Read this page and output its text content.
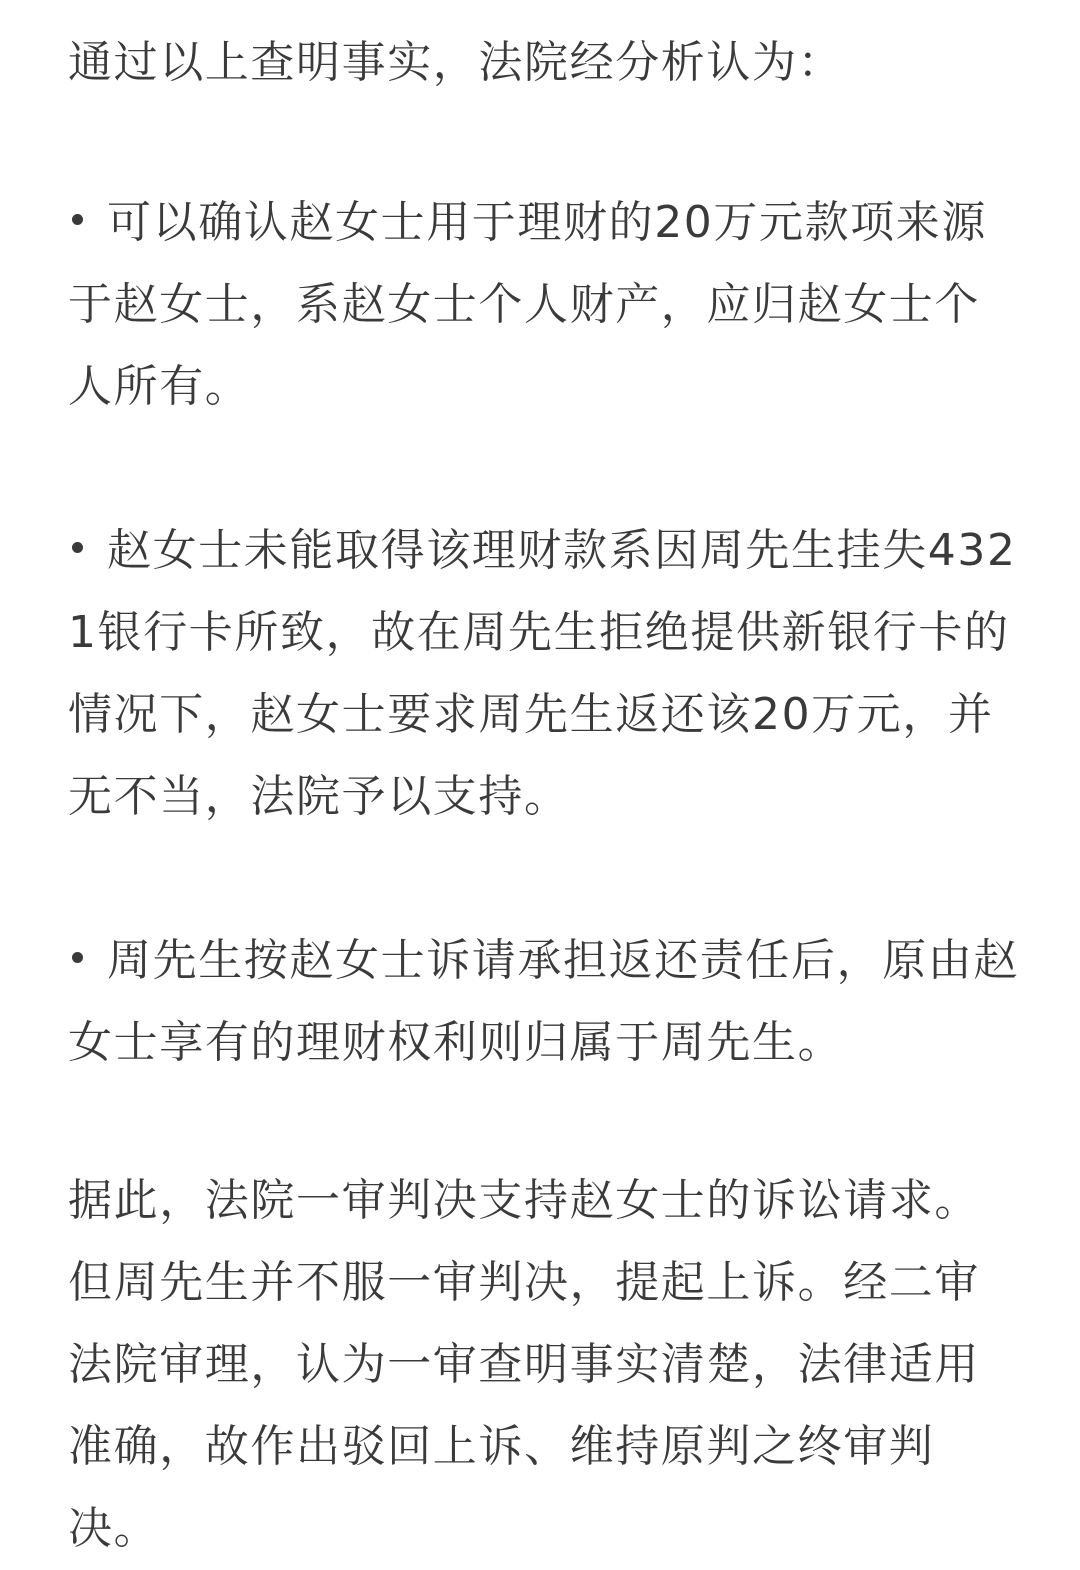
通过以上查明事实，法院经分析认为：

可以确认赵女士用于理财的20万元款项来源于赵女士，系赵女士个人财产，应归赵女士个人所有。

赵女士未能取得该理财款系因周先生挂失4321银行卡所致，故在周先生拒绝提供新银行卡的情况下，赵女士要求周先生返还该20万元，并无不当，法院予以支持。

周先生按赵女士诉请承担返还责任后，原由赵女士享有的理财权利则归属于周先生。

据此，法院一审判决支持赵女士的诉讼请求。但周先生并不服一审判决，提起上诉。经二审法院审理，认为一审查明事实清楚，法律适用准确，故作出驳回上诉、维持原判之终审判决。
